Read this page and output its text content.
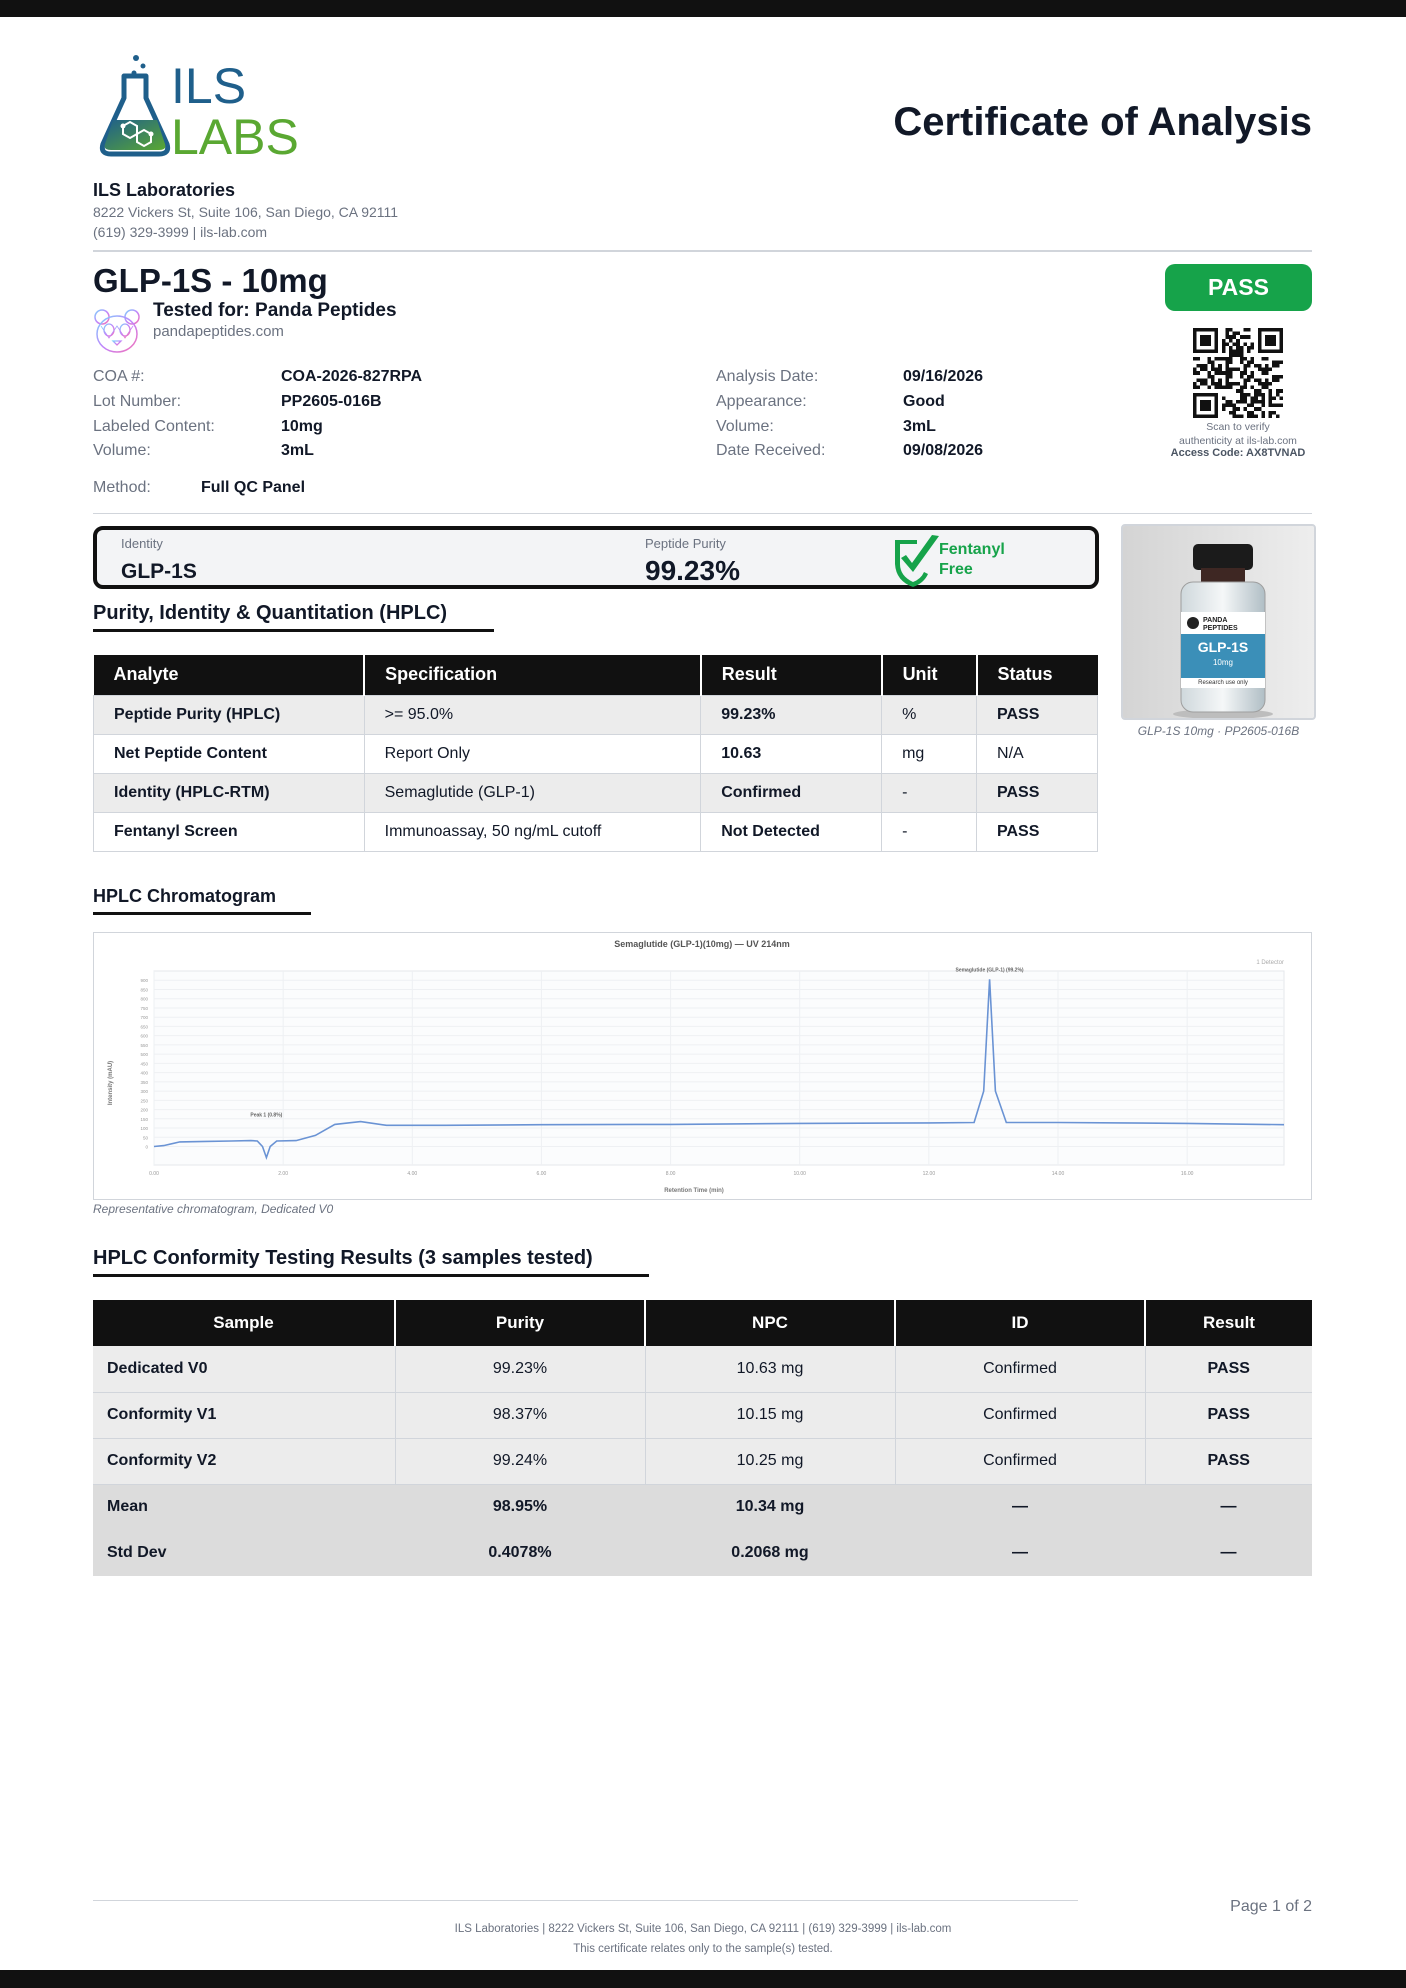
ILS
LABS	Certificate of Analysis
ILS Laboratories
8222 Vickers St, Suite 106, San Diego, CA 92111
(619) 329-3999 | ils-lab.com
GLP-1S - 10mg
Tested for: Panda Peptides
pandapeptides.com
PASS
Scan to verify
authenticity at ils-lab.com
Access Code: AX8TVNAD
COA #:	COA-2026-827RPA
Lot Number:	PP2605-016B
Labeled Content:	10mg
Volume:	3mL
Analysis Date:	09/16/2026
Appearance:	Good
Volume:	3mL
Date Received:	09/08/2026
Method:	Full QC Panel
Identity
GLP-1S
Peptide Purity
99.23%
Fentanyl
Free
PANDA
PEPTIDES
GLP-1S
10mg
Research use only
GLP-1S 10mg · PP2605-016B
Purity, Identity & Quantitation (HPLC)
Analyte	Specification	Result	Unit	Status
Peptide Purity (HPLC)	>= 95.0%	99.23%	%	PASS
Net Peptide Content	Report Only	10.63	mg	N/A
Identity (HPLC-RTM)	Semaglutide (GLP-1)	Confirmed	-	PASS
Fentanyl Screen	Immunoassay, 50 ng/mL cutoff	Not Detected	-	PASS
HPLC Chromatogram
Semaglutide (GLP-1)(10mg) — UV 214nm
1 Detector
Retention Time (min)
Intensity (mAU)
0
50
100
150
200
250
300
350
400
450
500
550
600
650
700
750
800
850
900
0.00	2.00	4.00	6.00	8.00	10.00	12.00	14.00	16.00
Peak 1 (0.8%)
Semaglutide (GLP-1) (99.2%)
Representative chromatogram, Dedicated V0
HPLC Conformity Testing Results (3 samples tested)
Sample	Purity	NPC	ID	Result
Dedicated V0	99.23%	10.63 mg	Confirmed	PASS
Conformity V1	98.37%	10.15 mg	Confirmed	PASS
Conformity V2	99.24%	10.25 mg	Confirmed	PASS
Mean	98.95%	10.34 mg	—	—
Std Dev	0.4078%	0.2068 mg	—	—
Page 1 of 2
ILS Laboratories | 8222 Vickers St, Suite 106, San Diego, CA 92111 | (619) 329-3999 | ils-lab.com
This certificate relates only to the sample(s) tested.
